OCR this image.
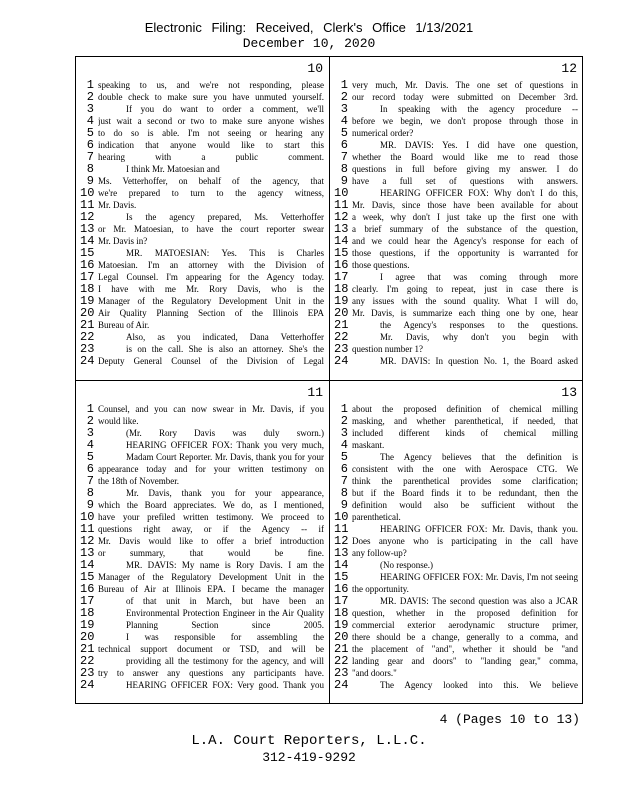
Electronic Filing: Received, Clerk's Office 1/13/2021
December 10, 2020
10
1 speaking to us, and we're not responding, please
2 double check to make sure you have unmuted yourself.
3	If you do want to order a comment, we'll
4 just wait a second or two to make sure anyone wishes
5 to do so is able. I'm not seeing or hearing any
6 indication that anyone would like to start this
7 hearing with a public comment.
8	I think Mr. Matoesian and
9 Ms. Vetterhoffer, on behalf of the agency, that
10 we're prepared to turn to the agency witness,
11 Mr. Davis.
12	Is the agency prepared, Ms. Vetterhoffer
13 or Mr. Matoesian, to have the court reporter swear
14 Mr. Davis in?
15	MR. MATOESIAN: Yes. This is Charles
16 Matoesian. I'm an attorney with the Division of
17 Legal Counsel. I'm appearing for the Agency today.
18 I have with me Mr. Rory Davis, who is the
19 Manager of the Regulatory Development Unit in the
20 Air Quality Planning Section of the Illinois EPA
21 Bureau of Air.
22	Also, as you indicated, Dana Vetterhoffer
23	is on the call. She is also an attorney. She's the
24 Deputy General Counsel of the Division of Legal
12
1 very much, Mr. Davis. The one set of questions in
2 our record today were submitted on December 3rd.
3	In speaking with the agency procedure --
4 before we begin, we don't propose through those in
5 numerical order?
6	MR. DAVIS: Yes. I did have one question,
7 whether the Board would like me to read those
8 questions in full before giving my answer. I do
9 have a full set of questions with answers.
10	HEARING OFFICER FOX: Why don't I do this,
11 Mr. Davis, since those have been available for about
12 a week, why don't I just take up the first one with
13 a brief summary of the substance of the question,
14 and we could hear the Agency's response for each of
15 those questions, if the opportunity is warranted for
16 those questions.
17	I agree that was coming through more
18 clearly. I'm going to repeat, just in case there is
19 any issues with the sound quality. What I will do,
20 Mr. Davis, is summarize each thing one by one, hear
21	the Agency's responses to the questions.
22	Mr. Davis, why don't you begin with
23 question number 1?
24	MR. DAVIS: In question No. 1, the Board asked
11
1 Counsel, and you can now swear in Mr. Davis, if you
2 would like.
3	(Mr. Rory Davis was duly sworn.)
4	HEARING OFFICER FOX: Thank you very much,
5	Madam Court Reporter. Mr. Davis, thank you for your
6 appearance today and for your written testimony on
7 the 18th of November.
8	Mr. Davis, thank you for your appearance,
9 which the Board appreciates. We do, as I mentioned,
10 have your prefiled written testimony. We proceed to
11 questions right away, or if the Agency -- if
12 Mr. Davis would like to offer a brief introduction
13 or summary, that would be fine.
14	MR. DAVIS: My name is Rory Davis. I am the
15 Manager of the Regulatory Development Unit in the
16 Bureau of Air at Illinois EPA. I became the manager
17	of that unit in March, but have been an
18	Environmental Protection Engineer in the Air Quality
19	Planning Section since 2005.
20	I was responsible for assembling the
21 technical support document or TSD, and will be
22	providing all the testimony for the agency, and will
23 try to answer any questions any participants have.
24	HEARING OFFICER FOX: Very good. Thank you
13
1 about the proposed definition of chemical milling
2 masking, and whether parenthetical, if needed, that
3 included different kinds of chemical milling
4 maskant.
5	The Agency believes that the definition is
6 consistent with the one with Aerospace CTG. We
7 think the parenthetical provides some clarification;
8 but if the Board finds it to be redundant, then the
9 definition would also be sufficient without the
10 parenthetical.
11	HEARING OFFICER FOX: Mr. Davis, thank you.
12 Does anyone who is participating in the call have
13 any follow-up?
14	(No response.)
15	HEARING OFFICER FOX: Mr. Davis, I'm not seeing
16 the opportunity.
17	MR. DAVIS: The second question was also a JCAR
18 question, whether in the proposed definition for
19 commercial exterior aerodynamic structure primer,
20 there should be a change, generally to a comma, and
21 the placement of "and", whether it should be "and
22 landing gear and doors" to "landing gear," comma,
23 "and doors."
24	The Agency looked into this. We believe
4 (Pages 10 to 13)
L.A. Court Reporters, L.L.C.
312-419-9292
